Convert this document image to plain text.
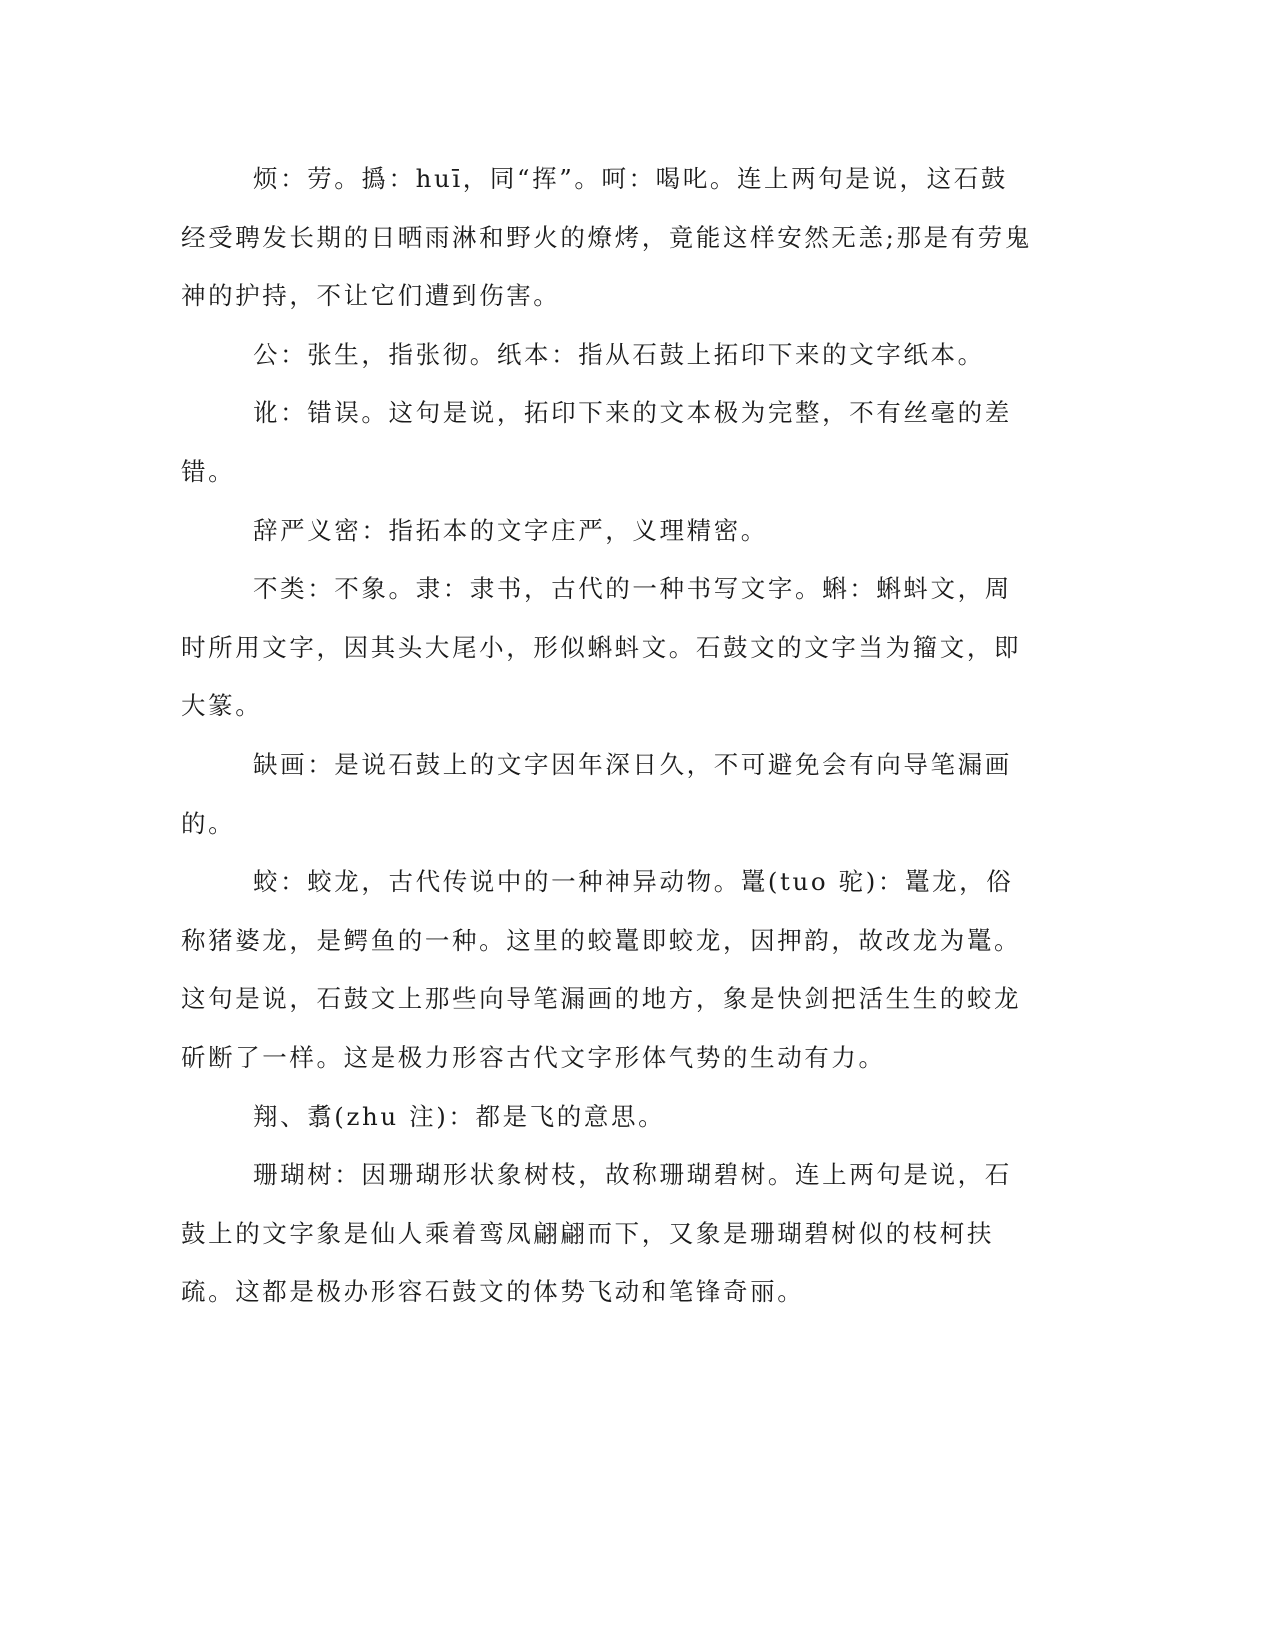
烦：劳。撝：huī，同“挥”。呵：喝叱。连上两句是说，这石鼓经受聘发长期的日晒雨淋和野火的燎烤，竟能这样安然无恙;那是有劳鬼神的护持，不让它们遭到伤害。

公：张生，指张彻。纸本：指从石鼓上拓印下来的文字纸本。

讹：错误。这句是说，拓印下来的文本极为完整，不有丝毫的差错。

辞严义密：指拓本的文字庄严，义理精密。

不类：不象。隶：隶书，古代的一种书写文字。蝌：蝌蚪文，周时所用文字，因其头大尾小，形似蝌蚪文。石鼓文的文字当为籀文，即大篆。

缺画：是说石鼓上的文字因年深日久，不可避免会有向导笔漏画的。

蛟：蛟龙，古代传说中的一种神异动物。鼍(tuo 驼)：鼍龙，俗称猪婆龙，是鳄鱼的一种。这里的蛟鼍即蛟龙，因押韵，故改龙为鼍。这句是说，石鼓文上那些向导笔漏画的地方，象是快剑把活生生的蛟龙斫断了一样。这是极力形容古代文字形体气势的生动有力。

翔、翥(zhu 注)：都是飞的意思。

珊瑚树：因珊瑚形状象树枝，故称珊瑚碧树。连上两句是说，石鼓上的文字象是仙人乘着鸾凤翩翩而下，又象是珊瑚碧树似的枝柯扶疏。这都是极办形容石鼓文的体势飞动和笔锋奇丽。
